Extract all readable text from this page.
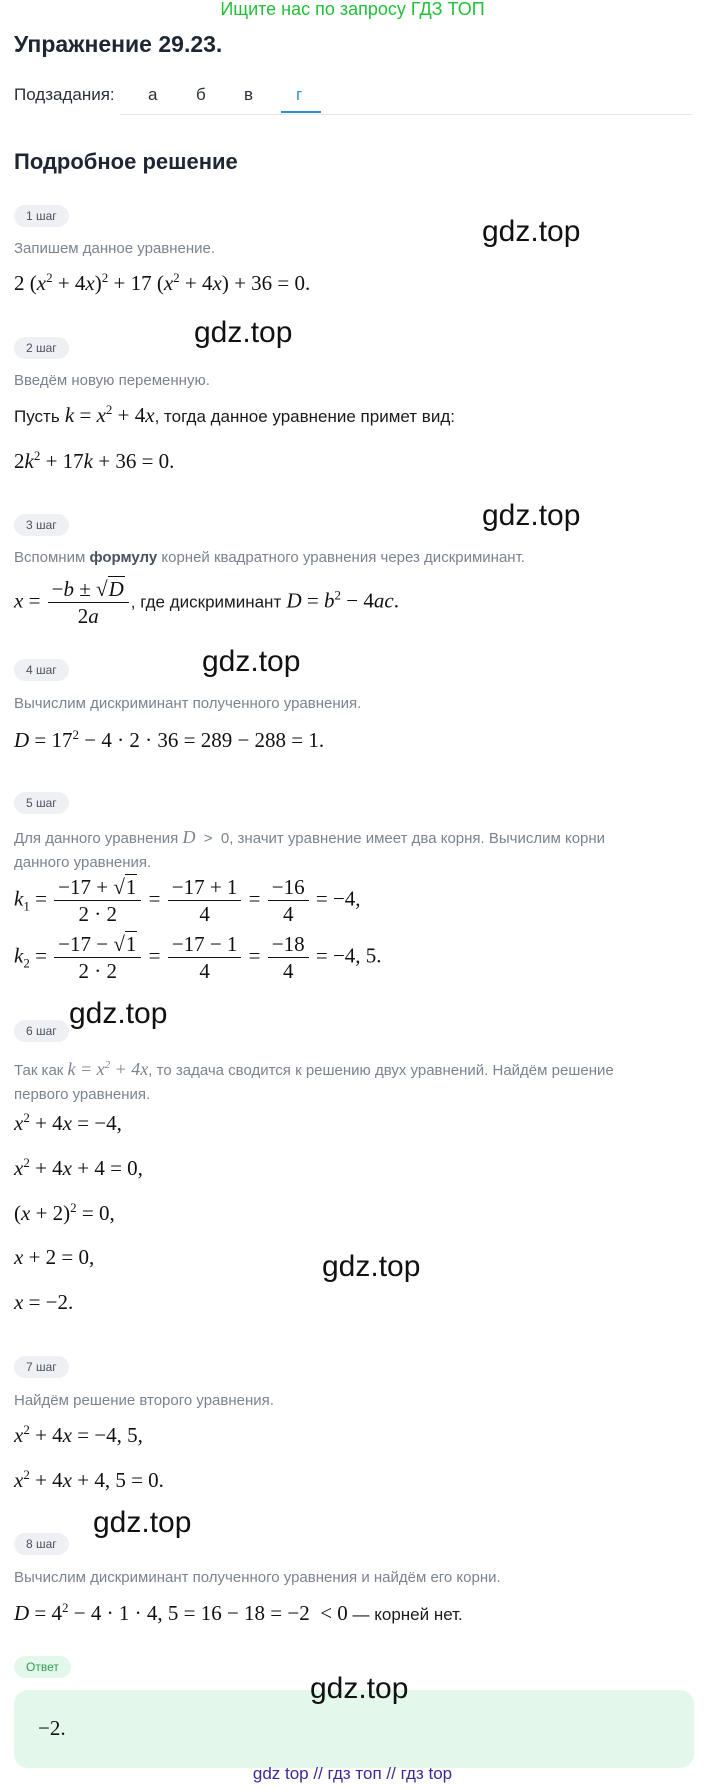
Ищите нас по запросу ГДЗ ТОП
Упражнение 29.23.
Подзадания: а б в	г
Подробное решение
1 шаг
Запишем данное уравнение.
2 $(x^2 + 4x)^2 + 17$ $(x^2 + 4x) + 36 = 0$.
2 шаг
Введём новую переменную.
Пусть $k = x^2 + 4x$, тогда данное уравнение примет вид:
$2k^2 + 17k + 36 = 0$.
3 шаг
Вспомним формулу корней квадратного уравнения через дискриминант.
$x = \frac{-b \pm √D}{2a}$ , где дискриминант $D = b^2 - 4ac$.
4 шаг
Вычислим дискриминант полученного уравнения.
$D = 17^2 - 4 \cdot 2 \cdot 36 = 289 - 288 = 1$.
5 шаг
Для данного уравнения D  >  0, значит уравнение имеет два корня. Вычислим корни
данного уравнения.
$k_1 = \frac{-17 + √1}{2 \cdot 2} = \frac{-17 + 1}{4} = \frac{-16}{4} = -4$,
$k_2 = \frac{-17 - √1}{2 \cdot 2} = \frac{-17 - 1}{4} = \frac{-18}{4} = -4$, 5.
6 шаг
Так как $k = x^2 + 4x$, то задача сводится к решению двух уравнений. Найдём решение
первого уравнения.
$x^2 + 4x = -4$,
$x^2 + 4x + 4 = 0$,
$(x + 2)^2 = 0$,
x + 2 = 0,
x = −2.
7 шаг
Найдём решение второго уравнения.
$x^2 + 4x = -4$, 5,
$x^2 + 4x + 4$, 5 = 0.
8 шаг
Вычислим дискриминант полученного уравнения и найдём его корни.
$D = 4^2 - 4 \cdot 1 \cdot 4$, 5 = 16 − 18 = −2  < 0 — корней нет.
Ответ
−2.
gdz.top
gdz.top
gdz.top
gdz.top
gdz.top
gdz.top
gdz.top
gdz.top
gdz top // гдз топ // гдз top
